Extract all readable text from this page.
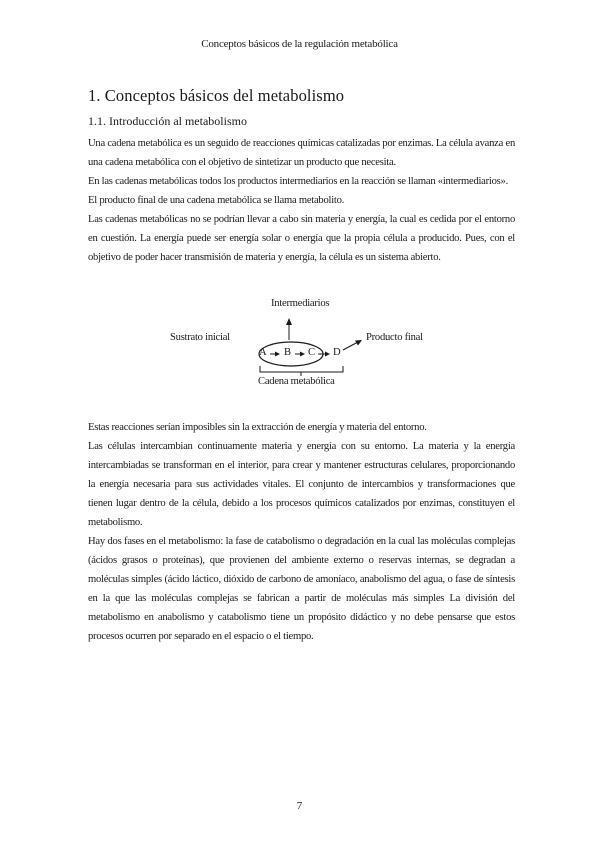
Conceptos básicos de la regulación metabólica
1. Conceptos básicos del metabolismo
1.1. Introducción al metabolismo

Una cadena metabólica es un seguido de reacciones químicas catalizadas por enzimas. La célula avanza en una cadena metabólica con el objetivo de sintetizar un producto que necesita.

En las cadenas metabólicas todos los productos intermediarios en la reacción se llaman «intermediarios».

El producto final de una cadena metabólica se llama metabolito.

Las cadenas metabólicas no se podrían llevar a cabo sin materia y energía, la cual es cedida por el entorno en cuestión. La energía puede ser energía solar o energía que la propia célula a producido. Pues, con el objetivo de poder hacer transmisión de materia y energía, la célula es un sistema abierto.

Intermediarios
Sustrato inicial	Producto final
A B C D
Cadena metabólica

Estas reacciones serían imposibles sin la extracción de energía y materia del entorno.

Las células intercambian continuamente materia y energía con su entorno. La materia y la energía intercambiadas se transforman en el interior, para crear y mantener estructuras celulares, proporcionando la energía necesaria para sus actividades vitales. El conjunto de intercambios y transformaciones que tienen lugar dentro de la célula, debido a los procesos químicos catalizados por enzimas, constituyen el metabolismo.

Hay dos fases en el metabolismo: la fase de catabolismo o degradación en la cual las moléculas complejas (ácidos grasos o proteínas), que provienen del ambiente externo o reservas internas, se degradan a moléculas simples (ácido láctico, dióxido de carbono de amoníaco, anabolismo del agua, o fase de síntesis en la que las moléculas complejas se fabrican a partir de moléculas más simples La división del metabolismo en anabolismo y catabolismo tiene un propósito didáctico y no debe pensarse que estos procesos ocurren por separado en el espacio o el tiempo.

7
